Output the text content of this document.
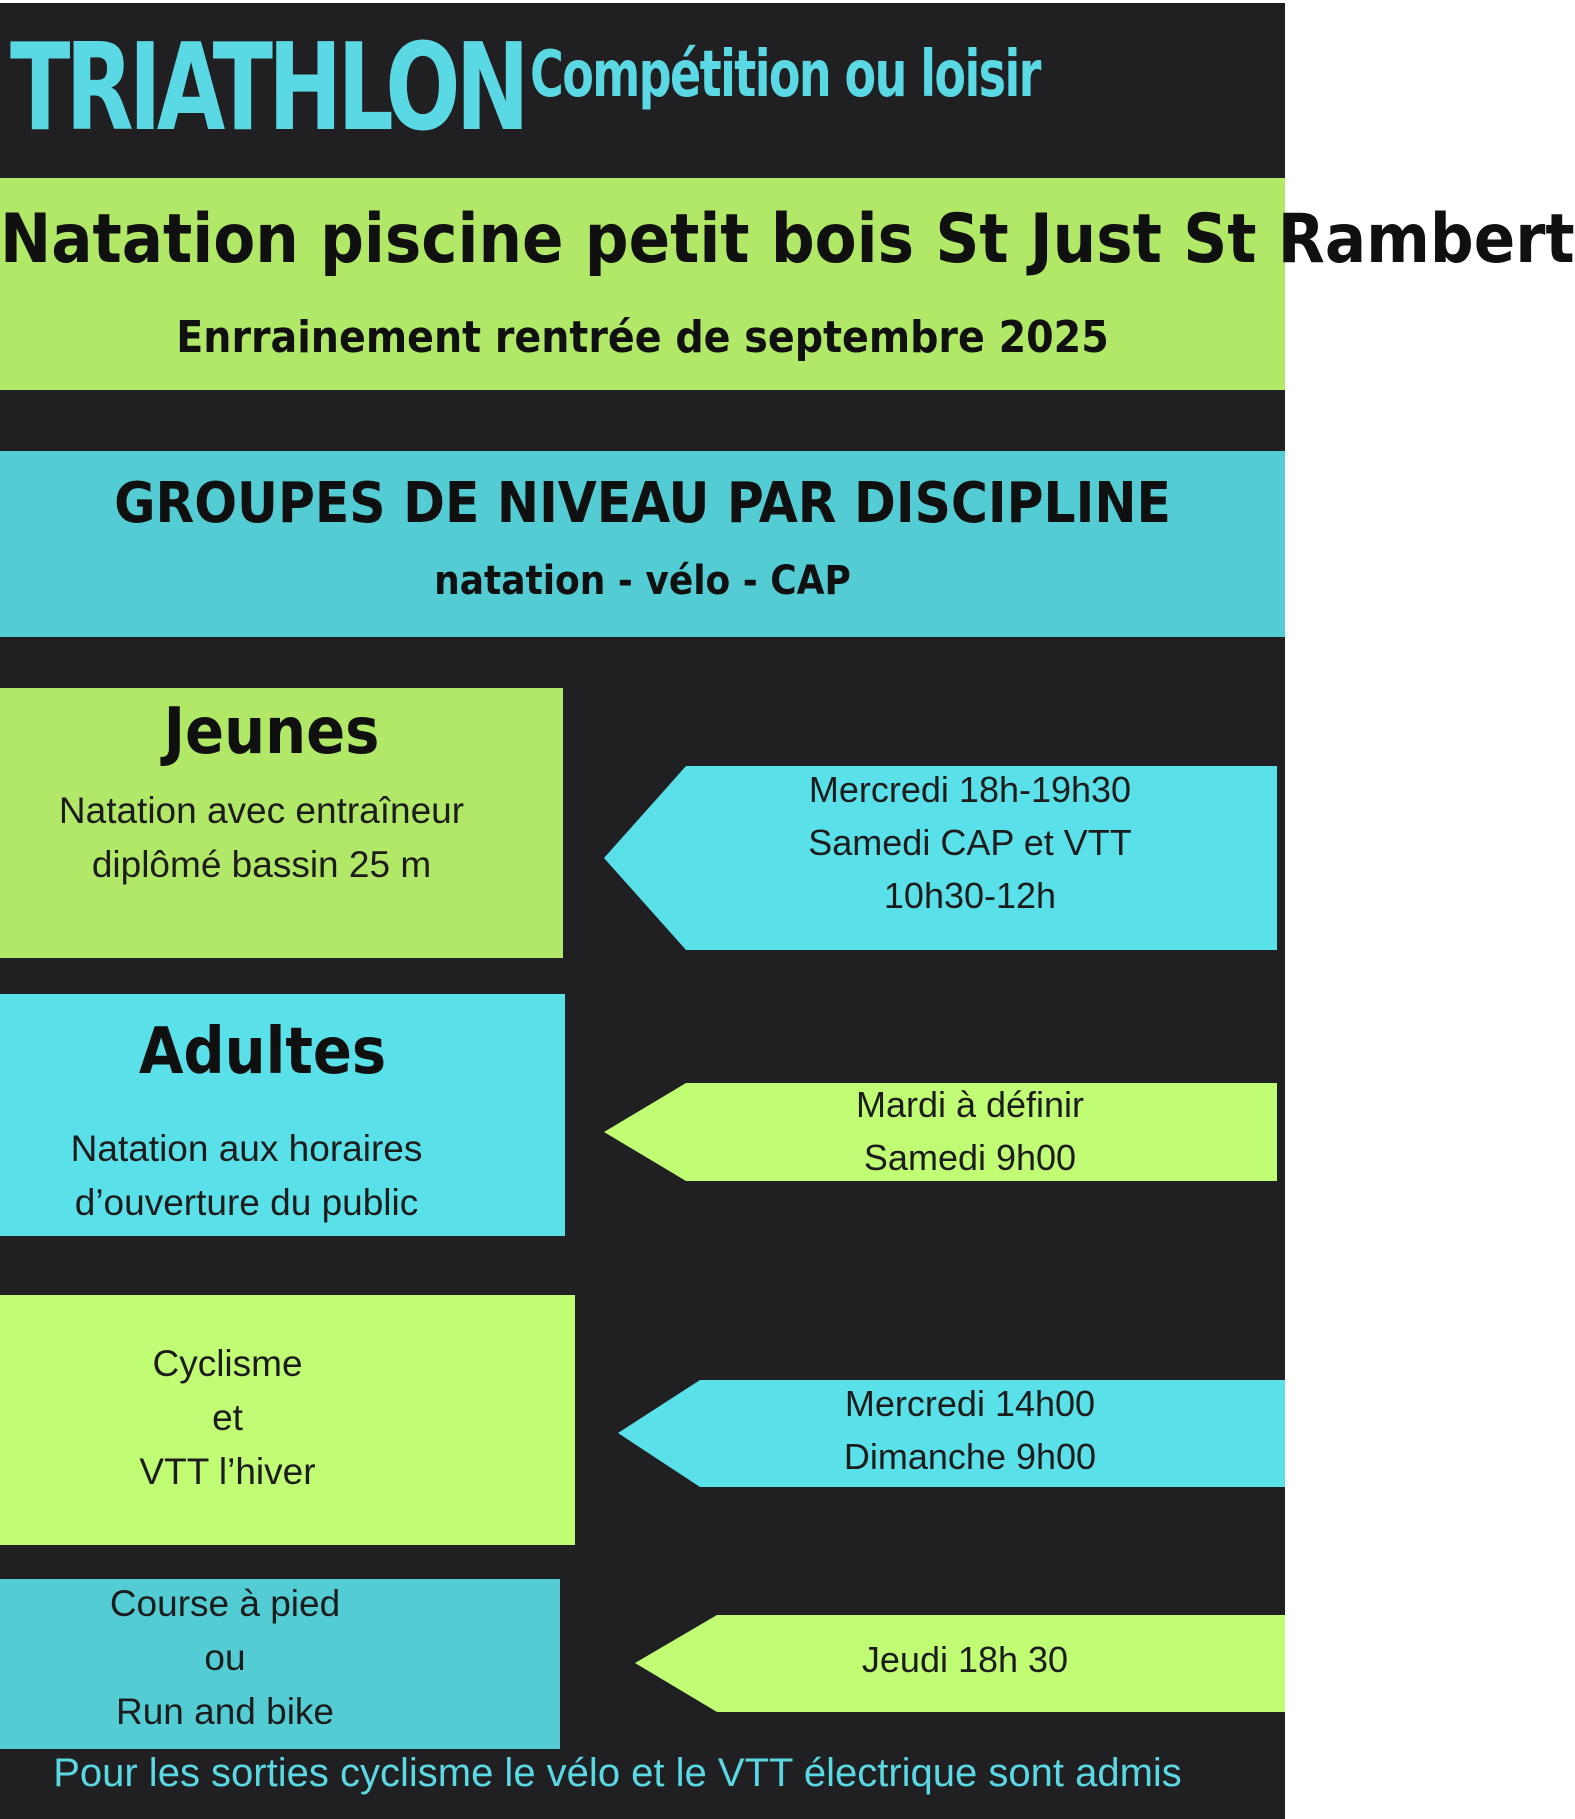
TRIATHLON Compétition ou loisir
Natation piscine petit bois St Just St Rambert
Enrrainement rentrée de septembre 2025
GROUPES DE NIVEAU PAR DISCIPLINE
natation - vélo - CAP
Jeunes
Natation avec entraîneur
diplômé bassin 25 m
Mercredi 18h-19h30
Samedi CAP et VTT
10h30-12h
Adultes
Natation aux horaires
d’ouverture du public
Mardi à définir
Samedi 9h00
Cyclisme
et
VTT l’hiver
Mercredi 14h00
Dimanche 9h00
Course à pied
ou
Run and bike
Jeudi 18h 30
Pour les sorties cyclisme le vélo et le VTT électrique sont admis
